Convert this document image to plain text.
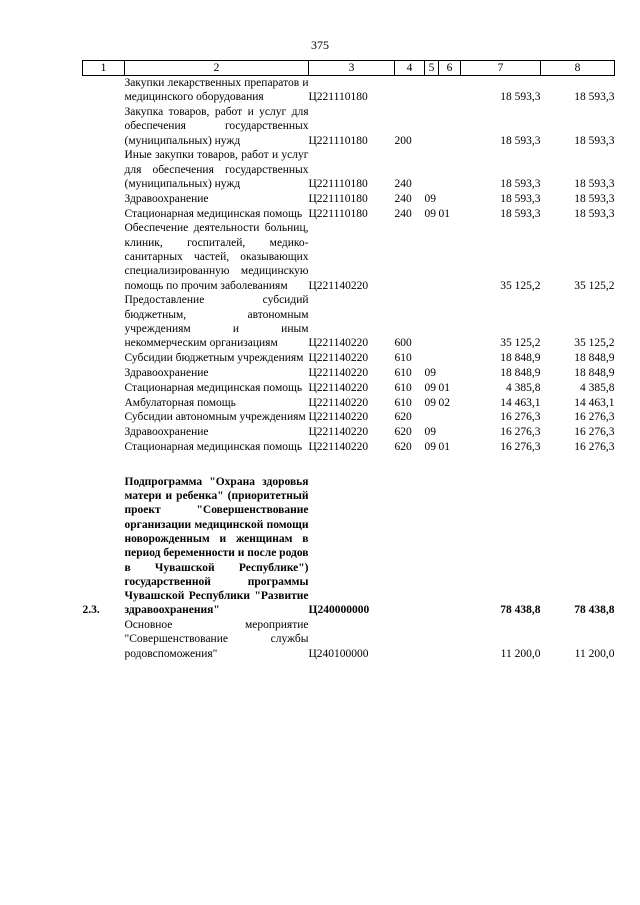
375
1	2	3	4	5	6	7	8
	Закупки лекарственных препаратов и медицинского оборудования	Ц221110180				18 593,3	18 593,3
	Закупка товаров, работ и услуг для обеспечения государственных (муниципальных) нужд	Ц221110180	200			18 593,3	18 593,3
	Иные закупки товаров, работ и услуг для обеспечения государственных (муниципальных) нужд	Ц221110180	240			18 593,3	18 593,3
	Здравоохранение	Ц221110180	240	09		18 593,3	18 593,3
	Стационарная медицинская помощь	Ц221110180	240	09	01	18 593,3	18 593,3
	Обеспечение деятельности больниц, клиник, госпиталей, медико-санитарных частей, оказывающих специализированную медицинскую помощь по прочим заболеваниям	Ц221140220				35 125,2	35 125,2
	Предоставление субсидий бюджетным, автономным учреждениям и иным некоммерческим организациям	Ц221140220	600			35 125,2	35 125,2
	Субсидии бюджетным учреждениям	Ц221140220	610			18 848,9	18 848,9
	Здравоохранение	Ц221140220	610	09		18 848,9	18 848,9
	Стационарная медицинская помощь	Ц221140220	610	09	01	4 385,8	4 385,8
	Амбулаторная помощь	Ц221140220	610	09	02	14 463,1	14 463,1
	Субсидии автономным учреждениям	Ц221140220	620			16 276,3	16 276,3
	Здравоохранение	Ц221140220	620	09		16 276,3	16 276,3
	Стационарная медицинская помощь	Ц221140220	620	09	01	16 276,3	16 276,3

2.3.	Подпрограмма "Охрана здоровья матери и ребенка" (приоритетный проект "Совершенствование организации медицинской помощи новорожденным и женщинам в период беременности и после родов в Чувашской Республике") государственной программы Чувашской Республики "Развитие здравоохранения"	Ц240000000				78 438,8	78 438,8
	Основное мероприятие "Совершенствование службы родовспоможения"	Ц240100000				11 200,0	11 200,0
